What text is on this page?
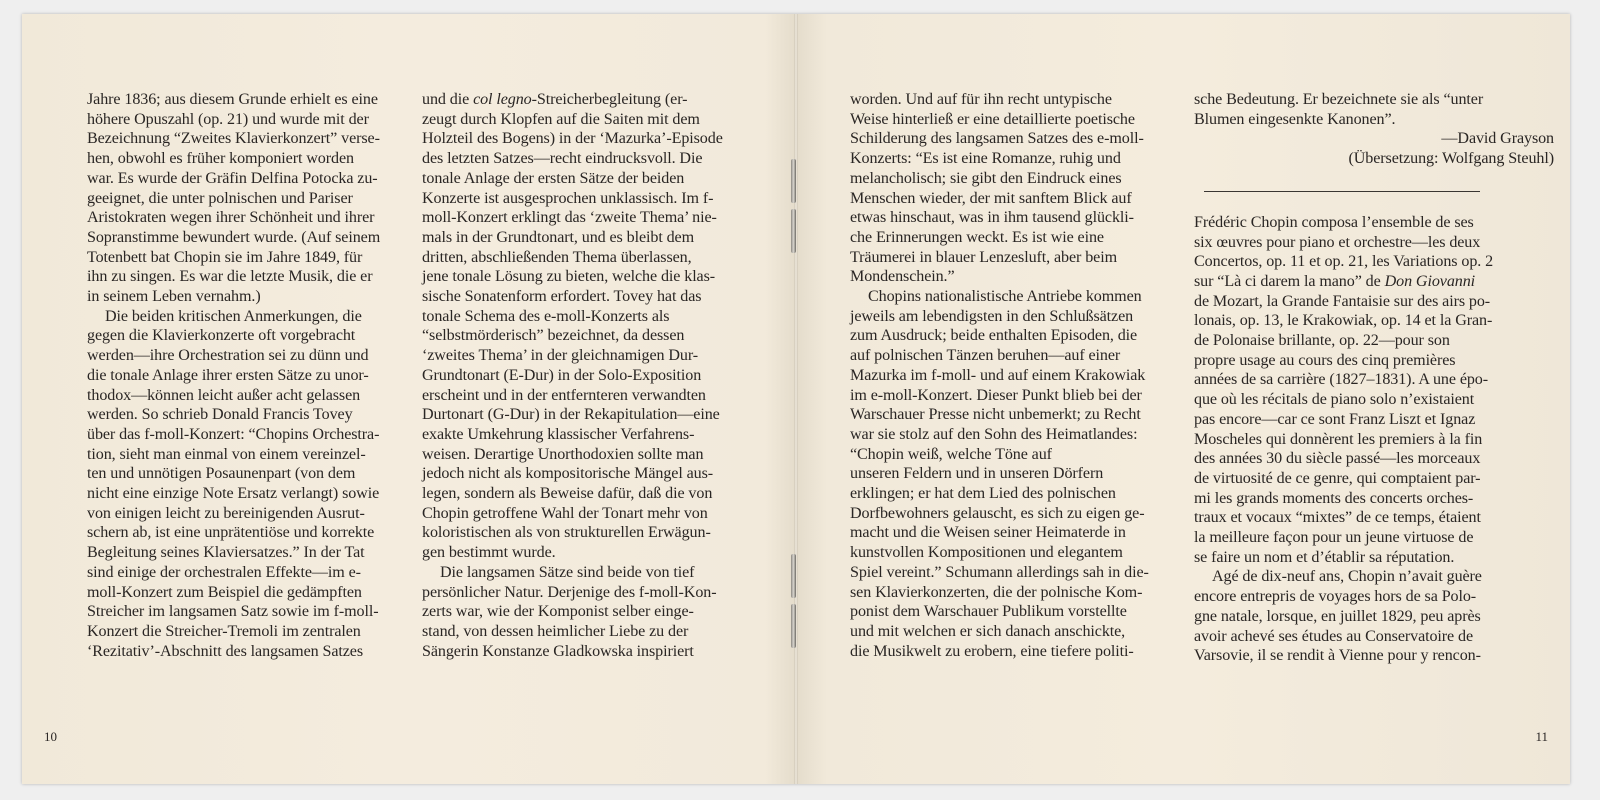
Jahre 1836; aus diesem Grunde erhielt es eine
höhere Opuszahl (op. 21) und wurde mit der
Bezeichnung “Zweites Klavierkonzert” verse-
hen, obwohl es früher komponiert worden
war. Es wurde der Gräfin Delfina Potocka zu-
geeignet, die unter polnischen und Pariser
Aristokraten wegen ihrer Schönheit und ihrer
Sopranstimme bewundert wurde. (Auf seinem
Totenbett bat Chopin sie im Jahre 1849, für
ihn zu singen. Es war die letzte Musik, die er
in seinem Leben vernahm.)

Die beiden kritischen Anmerkungen, die
gegen die Klavierkonzerte oft vorgebracht
werden—ihre Orchestration sei zu dünn und
die tonale Anlage ihrer ersten Sätze zu unor-
thodox—können leicht außer acht gelassen
werden. So schrieb Donald Francis Tovey
über das f-moll-Konzert: “Chopins Orchestra-
tion, sieht man einmal von einem vereinzel-
ten und unnötigen Posaunenpart (von dem
nicht eine einzige Note Ersatz verlangt) sowie
von einigen leicht zu bereinigenden Ausrut-
schern ab, ist eine unprätentiöse und korrekte
Begleitung seines Klaviersatzes.” In der Tat
sind einige der orchestralen Effekte—im e-
moll-Konzert zum Beispiel die gedämpften
Streicher im langsamen Satz sowie im f-moll-
Konzert die Streicher-Tremoli im zentralen
‘Rezitativ’-Abschnitt des langsamen Satzes

und die col legno-Streicherbegleitung (er-
zeugt durch Klopfen auf die Saiten mit dem
Holzteil des Bogens) in der ‘Mazurka’-Episode
des letzten Satzes—recht eindrucksvoll. Die
tonale Anlage der ersten Sätze der beiden
Konzerte ist ausgesprochen unklassisch. Im f-
moll-Konzert erklingt das ‘zweite Thema’ nie-
mals in der Grundtonart, und es bleibt dem
dritten, abschließenden Thema überlassen,
jene tonale Lösung zu bieten, welche die klas-
sische Sonatenform erfordert. Tovey hat das
tonale Schema des e-moll-Konzerts als
“selbstmörderisch” bezeichnet, da dessen
‘zweites Thema’ in der gleichnamigen Dur-
Grundtonart (E-Dur) in der Solo-Exposition
erscheint und in der entfernteren verwandten
Durtonart (G-Dur) in der Rekapitulation—eine
exakte Umkehrung klassischer Verfahrens-
weisen. Derartige Unorthodoxien sollte man
jedoch nicht als kompositorische Mängel aus-
legen, sondern als Beweise dafür, daß die von
Chopin getroffene Wahl der Tonart mehr von
koloristischen als von strukturellen Erwägun-
gen bestimmt wurde.

Die langsamen Sätze sind beide von tief
persönlicher Natur. Derjenige des f-moll-Kon-
zerts war, wie der Komponist selber einge-
stand, von dessen heimlicher Liebe zu der
Sängerin Konstanze Gladkowska inspiriert

10

worden. Und auf für ihn recht untypische
Weise hinterließ er eine detaillierte poetische
Schilderung des langsamen Satzes des e-moll-
Konzerts: “Es ist eine Romanze, ruhig und
melancholisch; sie gibt den Eindruck eines
Menschen wieder, der mit sanftem Blick auf
etwas hinschaut, was in ihm tausend glückli-
che Erinnerungen weckt. Es ist wie eine
Träumerei in blauer Lenzesluft, aber beim
Mondenschein.”

Chopins nationalistische Antriebe kommen
jeweils am lebendigsten in den Schlußsätzen
zum Ausdruck; beide enthalten Episoden, die
auf polnischen Tänzen beruhen—auf einer
Mazurka im f-moll- und auf einem Krakowiak
im e-moll-Konzert. Dieser Punkt blieb bei der
Warschauer Presse nicht unbemerkt; zu Recht
war sie stolz auf den Sohn des Heimatlandes:
“Chopin weiß, welche Töne auf
unseren Feldern und in unseren Dörfern
erklingen; er hat dem Lied des polnischen
Dorfbewohners gelauscht, es sich zu eigen ge-
macht und die Weisen seiner Heimaterde in
kunstvollen Kompositionen und elegantem
Spiel vereint.” Schumann allerdings sah in die-
sen Klavierkonzerten, die der polnische Kom-
ponist dem Warschauer Publikum vorstellte
und mit welchen er sich danach anschickte,
die Musikwelt zu erobern, eine tiefere politi-

sche Bedeutung. Er bezeichnete sie als “unter
Blumen eingesenkte Kanonen”.

—David Grayson
(Übersetzung: Wolfgang Steuhl)

Frédéric Chopin composa l’ensemble de ses
six œuvres pour piano et orchestre—les deux
Concertos, op. 11 et op. 21, les Variations op. 2
sur “Là ci darem la mano” de Don Giovanni
de Mozart, la Grande Fantaisie sur des airs po-
lonais, op. 13, le Krakowiak, op. 14 et la Gran-
de Polonaise brillante, op. 22—pour son
propre usage au cours des cinq premières
années de sa carrière (1827–1831). A une épo-
que où les récitals de piano solo n’existaient
pas encore—car ce sont Franz Liszt et Ignaz
Moscheles qui donnèrent les premiers à la fin
des années 30 du siècle passé—les morceaux
de virtuosité de ce genre, qui comptaient par-
mi les grands moments des concerts orches-
traux et vocaux “mixtes” de ce temps, étaient
la meilleure façon pour un jeune virtuose de
se faire un nom et d’établir sa réputation.

Agé de dix-neuf ans, Chopin n’avait guère
encore entrepris de voyages hors de sa Polo-
gne natale, lorsque, en juillet 1829, peu après
avoir achevé ses études au Conservatoire de
Varsovie, il se rendit à Vienne pour y rencon-

11
